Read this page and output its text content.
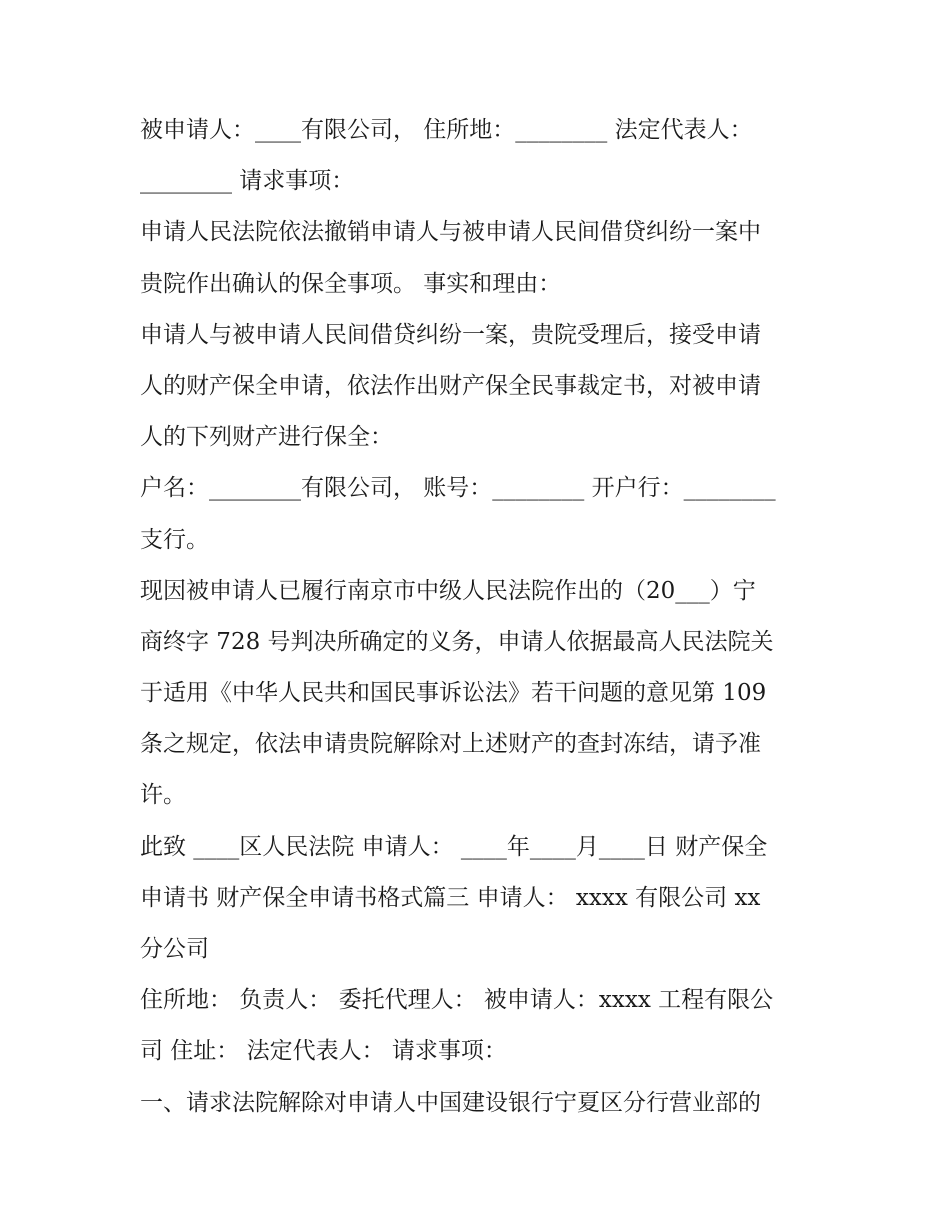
被申请人：____有限公司， 住所地：________ 法定代表人：
________ 请求事项：
申请人民法院依法撤销申请人与被申请人民间借贷纠纷一案中
贵院作出确认的保全事项。 事实和理由：
申请人与被申请人民间借贷纠纷一案，贵院受理后，接受申请
人的财产保全申请，依法作出财产保全民事裁定书，对被申请
人的下列财产进行保全：
户名：________有限公司， 账号：________ 开户行：________
支行。
现因被申请人已履行南京市中级人民法院作出的（20___）宁
商终字 728 号判决所确定的义务，申请人依据最高人民法院关
于适用《中华人民共和国民事诉讼法》若干问题的意见第 109
条之规定，依法申请贵院解除对上述财产的查封冻结，请予准
许。
此致 ____区人民法院 申请人： ____年____月____日 财产保全
申请书 财产保全申请书格式篇三 申请人： xxxx 有限公司 xx
分公司
住所地： 负责人： 委托代理人： 被申请人：xxxx 工程有限公
司 住址： 法定代表人： 请求事项：
一、请求法院解除对申请人中国建设银行宁夏区分行营业部的
